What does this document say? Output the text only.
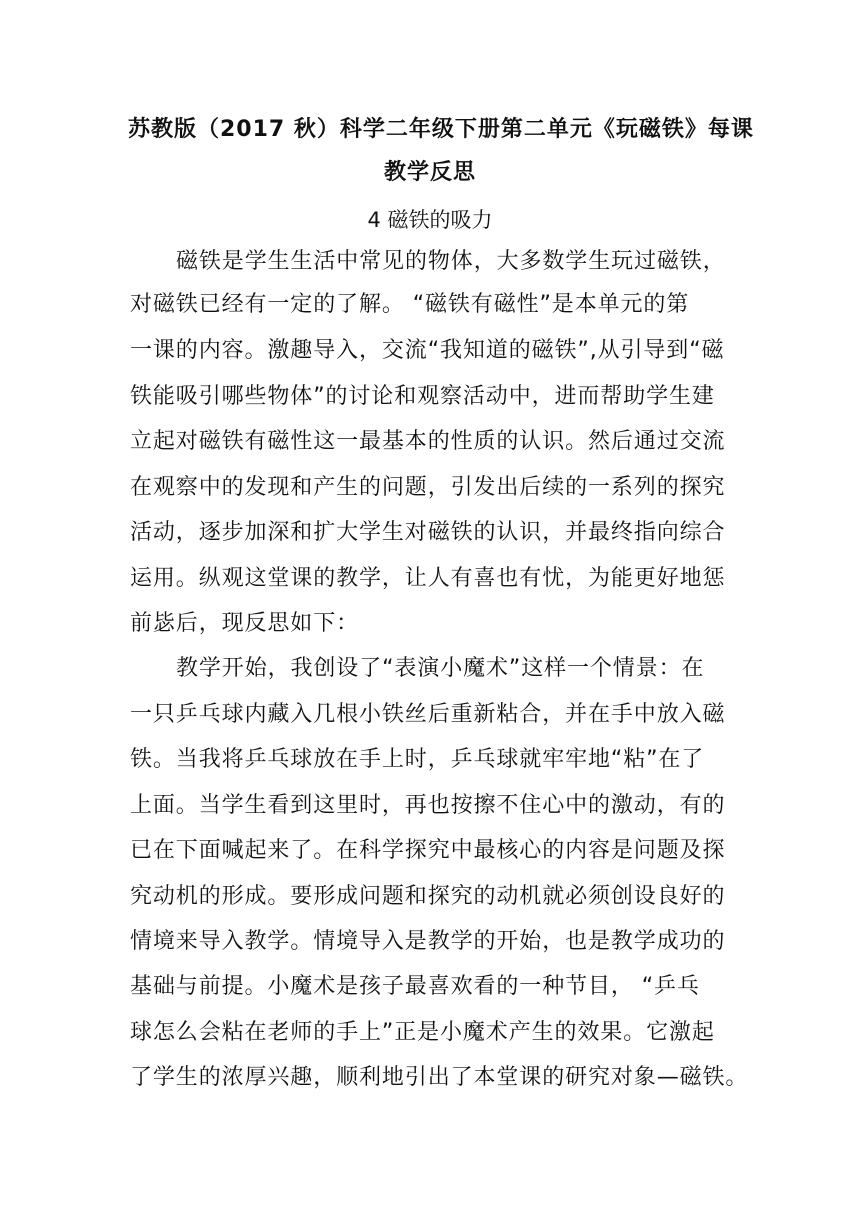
苏教版（2017 秋）科学二年级下册第二单元《玩磁铁》每课
教学反思
4 磁铁的吸力
磁铁是学生生活中常见的物体，大多数学生玩过磁铁，
对磁铁已经有一定的了解。 “磁铁有磁性”是本单元的第
一课的内容。激趣导入，交流“我知道的磁铁”,从引导到“磁
铁能吸引哪些物体”的讨论和观察活动中，进而帮助学生建
立起对磁铁有磁性这一最基本的性质的认识。然后通过交流
在观察中的发现和产生的问题，引发出后续的一系列的探究
活动，逐步加深和扩大学生对磁铁的认识，并最终指向综合
运用。纵观这堂课的教学，让人有喜也有忧，为能更好地惩
前毖后，现反思如下：
教学开始，我创设了“表演小魔术”这样一个情景：在
一只乒乓球内藏入几根小铁丝后重新粘合，并在手中放入磁
铁。当我将乒乓球放在手上时，乒乓球就牢牢地“粘”在了
上面。当学生看到这里时，再也按擦不住心中的激动，有的
已在下面喊起来了。在科学探究中最核心的内容是问题及探
究动机的形成。要形成问题和探究的动机就必须创设良好的
情境来导入教学。情境导入是教学的开始，也是教学成功的
基础与前提。小魔术是孩子最喜欢看的一种节目， “乒乓
球怎么会粘在老师的手上”正是小魔术产生的效果。它激起
了学生的浓厚兴趣，顺利地引出了本堂课的研究对象—磁铁。
